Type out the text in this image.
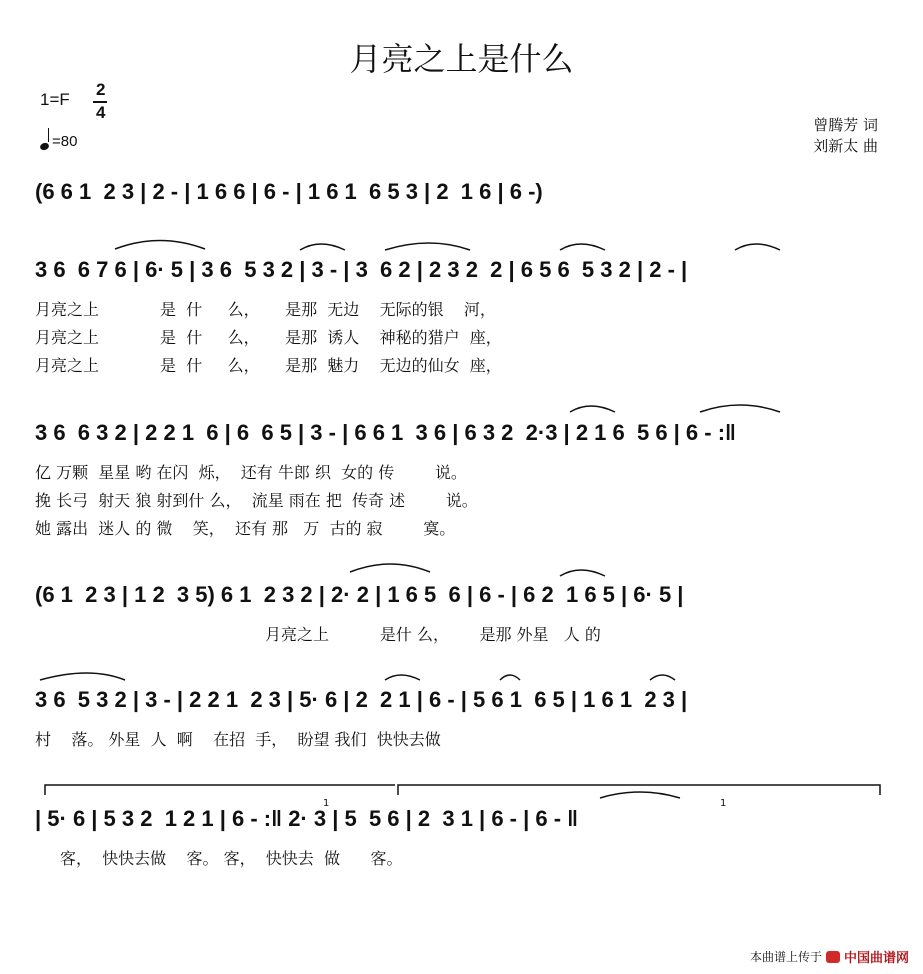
月亮之上是什么
1=F
2
4
=80
曾腾芳 词
刘新太 曲
(6 6 1  2 3 | 2 - | 1 6 6 | 6 - | 1 6 1  6 5 3 | 2  1 6 | 6 -)
3 6  6 7 6 | 6· 5 | 3 6  5 3 2 | 3 - | 3  6 2 | 2 3 2  2 | 6 5 6  5 3 2 | 2 - |
月亮之上            是  什     么，     是那  无边    无际的银    河，
月亮之上            是  什     么，     是那  诱人    神秘的猎户  座，
月亮之上            是  什     么，     是那  魅力    无边的仙女  座，
3 6  6 3 2 | 2 2 1  6 | 6  6 5 | 3 - | 6 6 1  3 6 | 6 3 2  2·3 | 2 1 6  5 6 | 6 - :‖
亿 万颗  星星 哟 在闪  烁，  还有 牛郎 织  女的 传        说。
挽 长弓  射天 狼 射到什 么，  流星 雨在 把  传奇 述        说。
她 露出  迷人 的 微    笑，  还有 那   万  古的 寂        寞。
(6 1  2 3 | 1 2  3 5) 6 1  2 3 2 | 2· 2 | 1 6 5  6 | 6 - | 6 2  1 6 5 | 6· 5 |
月亮之上          是什 么，      是那 外星   人 的
3 6  5 3 2 | 3 - | 2 2 1  2 3 | 5· 6 | 2  2 1 | 6 - | 5 6 1  6 5 | 1 6 1  2 3 |
村    落。 外星  人  啊    在招  手，  盼望 我们  快快去做
| 5· 6 | 5 3 2  1 2 1 | 6 - :‖ 2· 3 | 5  5 6 | 2  3 1 | 6 - | 6 - ‖
客，  快快去做    客。 客，  快快去  做      客。
1	1
本曲谱上传于 中国曲谱网
